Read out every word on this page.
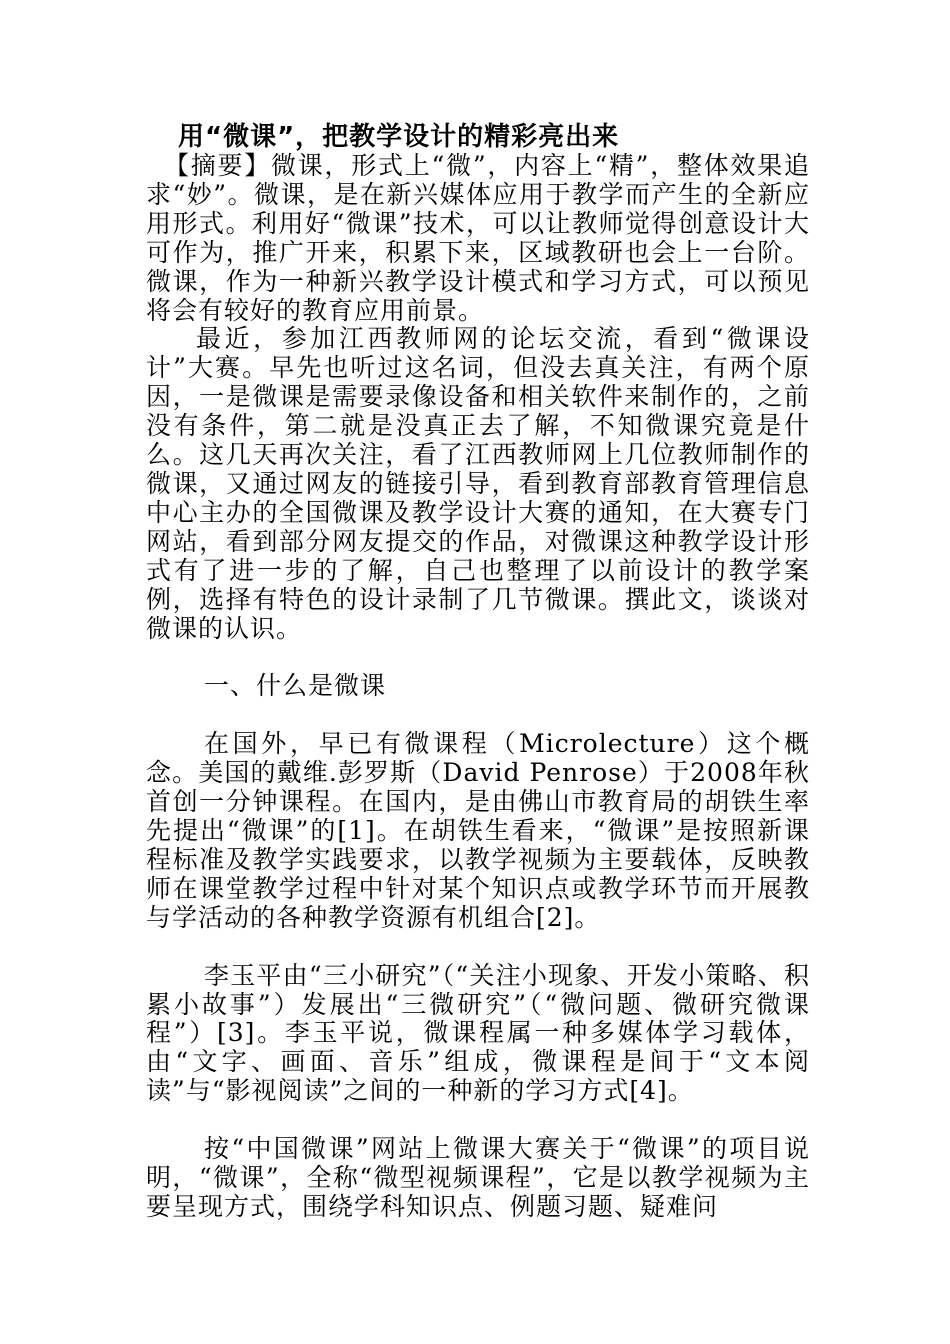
用“微课”，把教学设计的精彩亮出来

【摘要】微课，形式上“微”，内容上“精”，整体效果追求“妙”。微课，是在新兴媒体应用于教学而产生的全新应用形式。利用好“微课”技术，可以让教师觉得创意设计大可作为，推广开来，积累下来，区域教研也会上一台阶。微课，作为一种新兴教学设计模式和学习方式，可以预见将会有较好的教育应用前景。

最近，参加江西教师网的论坛交流，看到“微课设计”大赛。早先也听过这名词，但没去真关注，有两个原因，一是微课是需要录像设备和相关软件来制作的，之前没有条件，第二就是没真正去了解，不知微课究竟是什么。这几天再次关注，看了江西教师网上几位教师制作的微课，又通过网友的链接引导，看到教育部教育管理信息中心主办的全国微课及教学设计大赛的通知，在大赛专门网站，看到部分网友提交的作品，对微课这种教学设计形式有了进一步的了解，自己也整理了以前设计的教学案例，选择有特色的设计录制了几节微课。撰此文，谈谈对微课的认识。

一、什么是微课

在国外，早已有微课程（Microlecture）这个概念。美国的戴维.彭罗斯（David Penrose）于2008年秋首创一分钟课程。在国内，是由佛山市教育局的胡铁生率先提出“微课”的[1]。在胡铁生看来，“微课”是按照新课程标准及教学实践要求，以教学视频为主要载体，反映教师在课堂教学过程中针对某个知识点或教学环节而开展教与学活动的各种教学资源有机组合[2]。

李玉平由“三小研究”（“关注小现象、开发小策略、积累小故事”）发展出“三微研究”（“微问题、微研究微课程”）[3]。李玉平说，微课程属一种多媒体学习载体，由“文字、画面、音乐”组成，微课程是间于“文本阅读”与“影视阅读”之间的一种新的学习方式[4]。

按“中国微课”网站上微课大赛关于“微课”的项目说明，“微课”，全称“微型视频课程”，它是以教学视频为主要呈现方式，围绕学科知识点、例题习题、疑难问
